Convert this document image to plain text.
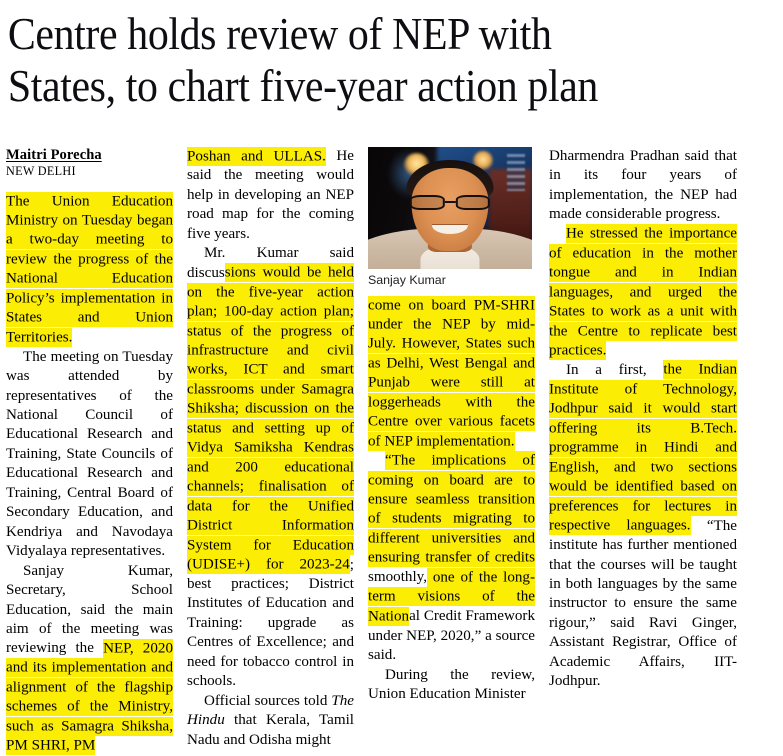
Centre holds review of NEP with
States, to chart five-year action plan
Maitri Porecha
NEW DELHI

The Union Education Ministry on Tuesday began a two-day meeting to review the progress of the National Education Policy’s implementation in States and Union Territories.

The meeting on Tuesday was attended by representatives of the National Council of Educational Research and Training, State Councils of Educational Research and Training, Central Board of Secondary Education, and Kendriya and Navodaya Vidyalaya representatives.

Sanjay Kumar, Secretary, School Education, said the main aim of the meeting was reviewing the NEP, 2020 and its implementation and alignment of the flagship schemes of the Ministry, such as Samagra Shiksha, PM SHRI, PM

Poshan and ULLAS. He said the meeting would help in developing an NEP road map for the coming five years.

Mr. Kumar said discussions would be held on the five-year action plan; 100-day action plan; status of the progress of infrastructure and civil works, ICT and smart classrooms under Samagra Shiksha; discussion on the status and setting up of Vidya Samiksha Kendras and 200 educational channels; finalisation of data for the Unified District Information System for Education (UDISE+) for 2023-24; best practices; District Institutes of Education and Training: upgrade as Centres of Excellence; and need for tobacco control in schools.

Official sources told The Hindu that Kerala, Tamil Nadu and Odisha might

Sanjay Kumar

come on board PM-SHRI under the NEP by mid-July. However, States such as Delhi, West Bengal and Punjab were still at loggerheads with the Centre over various facets of NEP implementation.

“The implications of coming on board are to ensure seamless transition of students migrating to different universities and ensuring transfer of credits smoothly, one of the long-term visions of the National Credit Framework under NEP, 2020,” a source said.

During the review, Union Education Minister

Dharmendra Pradhan said that in its four years of implementation, the NEP had made considerable progress.

He stressed the importance of education in the mother tongue and in Indian languages, and urged the States to work as a unit with the Centre to replicate best practices.

In a first, the Indian Institute of Technology, Jodhpur said it would start offering its B.Tech. programme in Hindi and English, and two sections would be identified based on preferences for lectures in respective languages. “The institute has further mentioned that the courses will be taught in both languages by the same instructor to ensure the same rigour,” said Ravi Ginger, Assistant Registrar, Office of Academic Affairs, IIT-Jodhpur.
